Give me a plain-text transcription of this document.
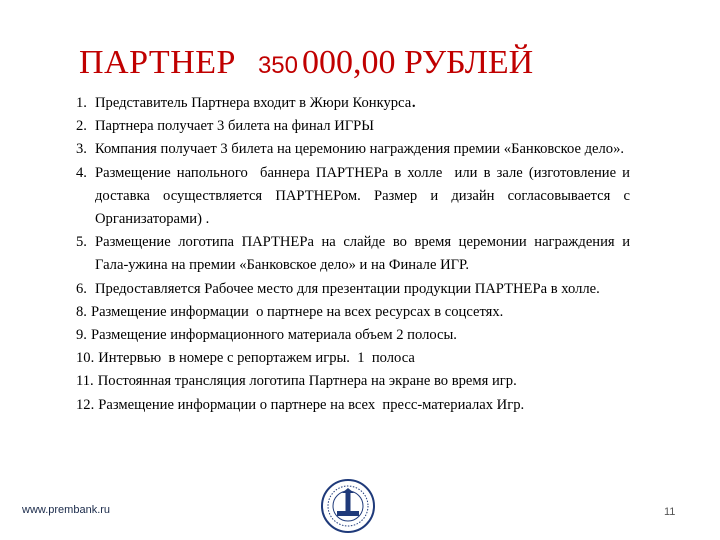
ПАРТНЕР 350 000,00 РУБЛЕЙ
1. Представитель Партнера входит в Жюри Конкурса.
2. Партнера получает 3 билета на финал ИГРЫ
3. Компания получает 3 билета на церемонию награждения премии «Банковское дело».
4. Размещение напольного  баннера ПАРТНЕРа в холле  или в зале (изготовление и доставка осуществляется ПАРТНЕРом. Размер и дизайн согласовывается с Организаторами) .
5. Размещение логотипа ПАРТНЕРа на слайде во время церемонии награждения и Гала-ужина на премии «Банковское дело» и на Финале ИГР.
6. Предоставляется Рабочее место для презентации продукции ПАРТНЕРа в холле.
8. Размещение информации  о партнере на всех ресурсах в соцсетях.
9. Размещение информационного материала объем 2 полосы.
10. Интервью  в номере с репортажем игры.  1  полоса
11. Постоянная трансляция логотипа Партнера на экране во время игр.
12. Размещение информации о партнере на всех  пресс-материалах Игр.
www.prembank.ru	11
